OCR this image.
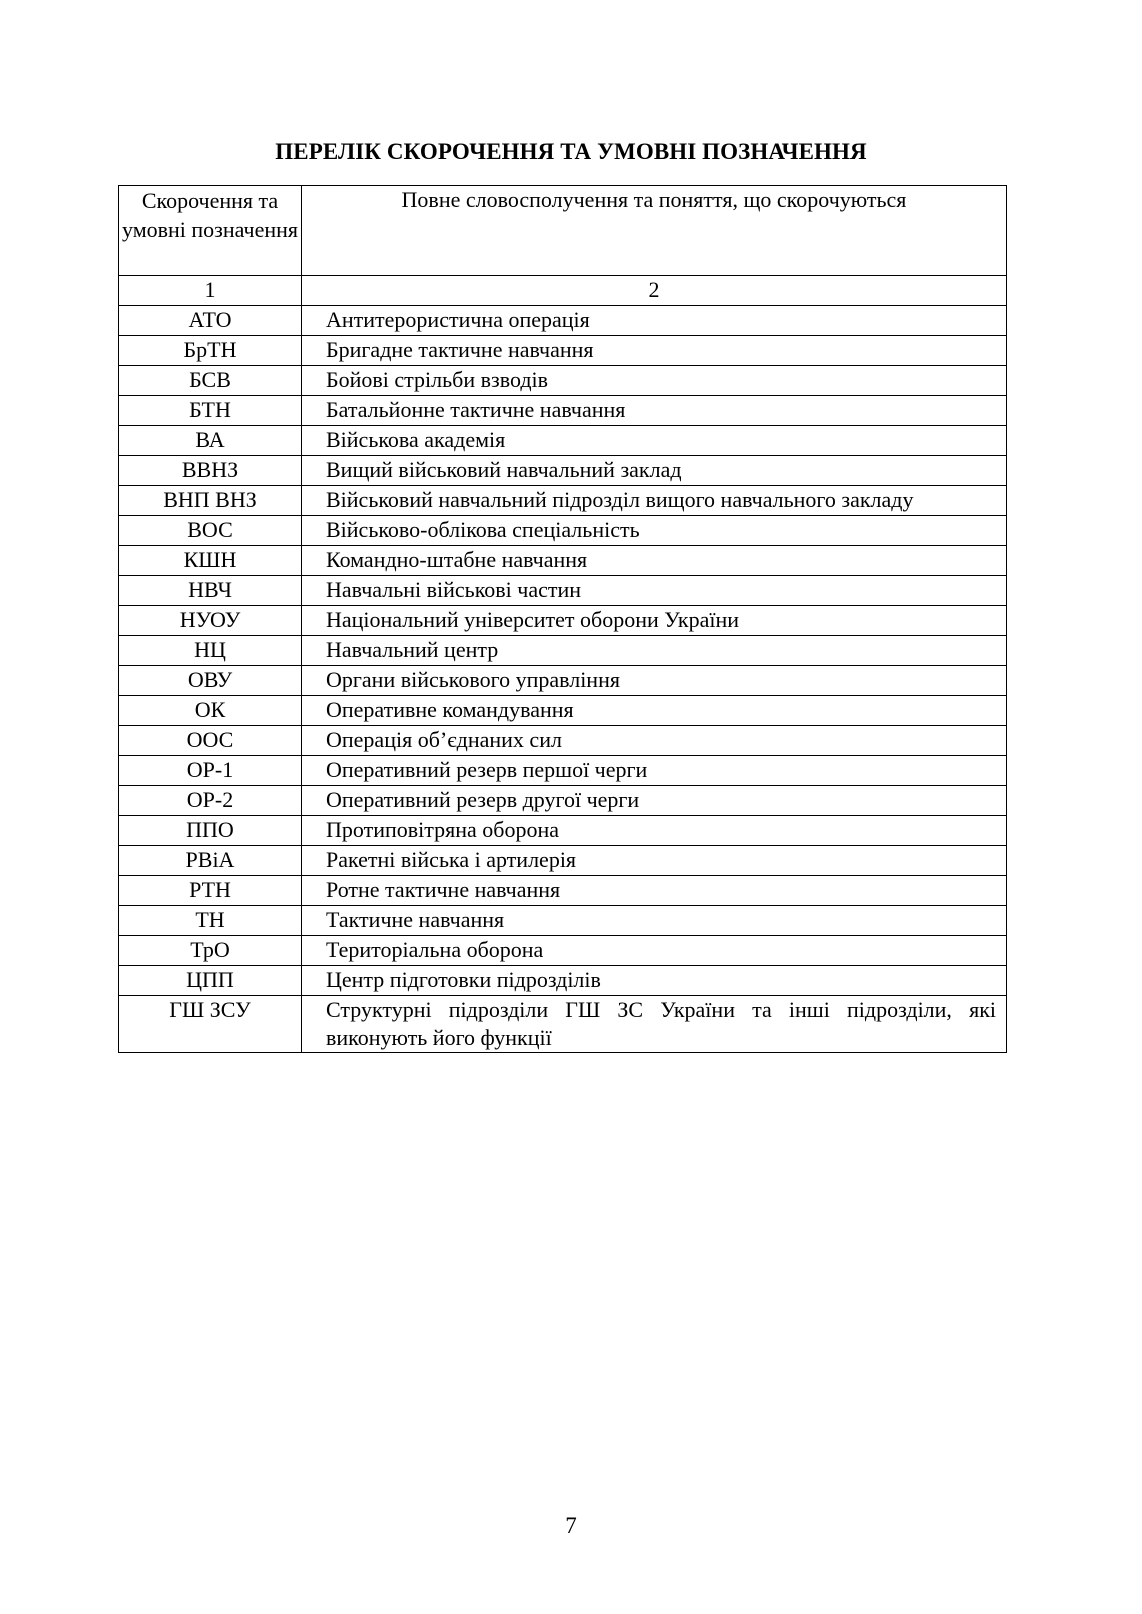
ПЕРЕЛІК СКОРОЧЕННЯ ТА УМОВНІ ПОЗНАЧЕННЯ
Скорочення та умовні позначення	Повне словосполучення та поняття, що скорочуються
1	2
АТО	Антитерористична операція
БрТН	Бригадне тактичне навчання
БСВ	Бойові стрільби взводів
БТН	Батальйонне тактичне навчання
ВА	Військова академія
ВВНЗ	Вищий військовий навчальний заклад
ВНП ВНЗ	Військовий навчальний підрозділ вищого навчального закладу
ВОС	Військово-облікова спеціальність
КШН	Командно-штабне навчання
НВЧ	Навчальні військові частин
НУОУ	Національний університет оборони України
НЦ	Навчальний центр
ОВУ	Органи військового управління
ОК	Оперативне командування
ООС	Операція об’єднаних сил
ОР-1	Оперативний резерв першої черги
ОР-2	Оперативний резерв другої черги
ППО	Протиповітряна оборона
РВіА	Ракетні війська і артилерія
РТН	Ротне тактичне навчання
ТН	Тактичне навчання
ТрО	Територіальна оборона
ЦПП	Центр підготовки підрозділів
ГШ ЗСУ	Структурні підрозділи ГШ ЗС України та інші підрозділи, які виконують його функції
7
